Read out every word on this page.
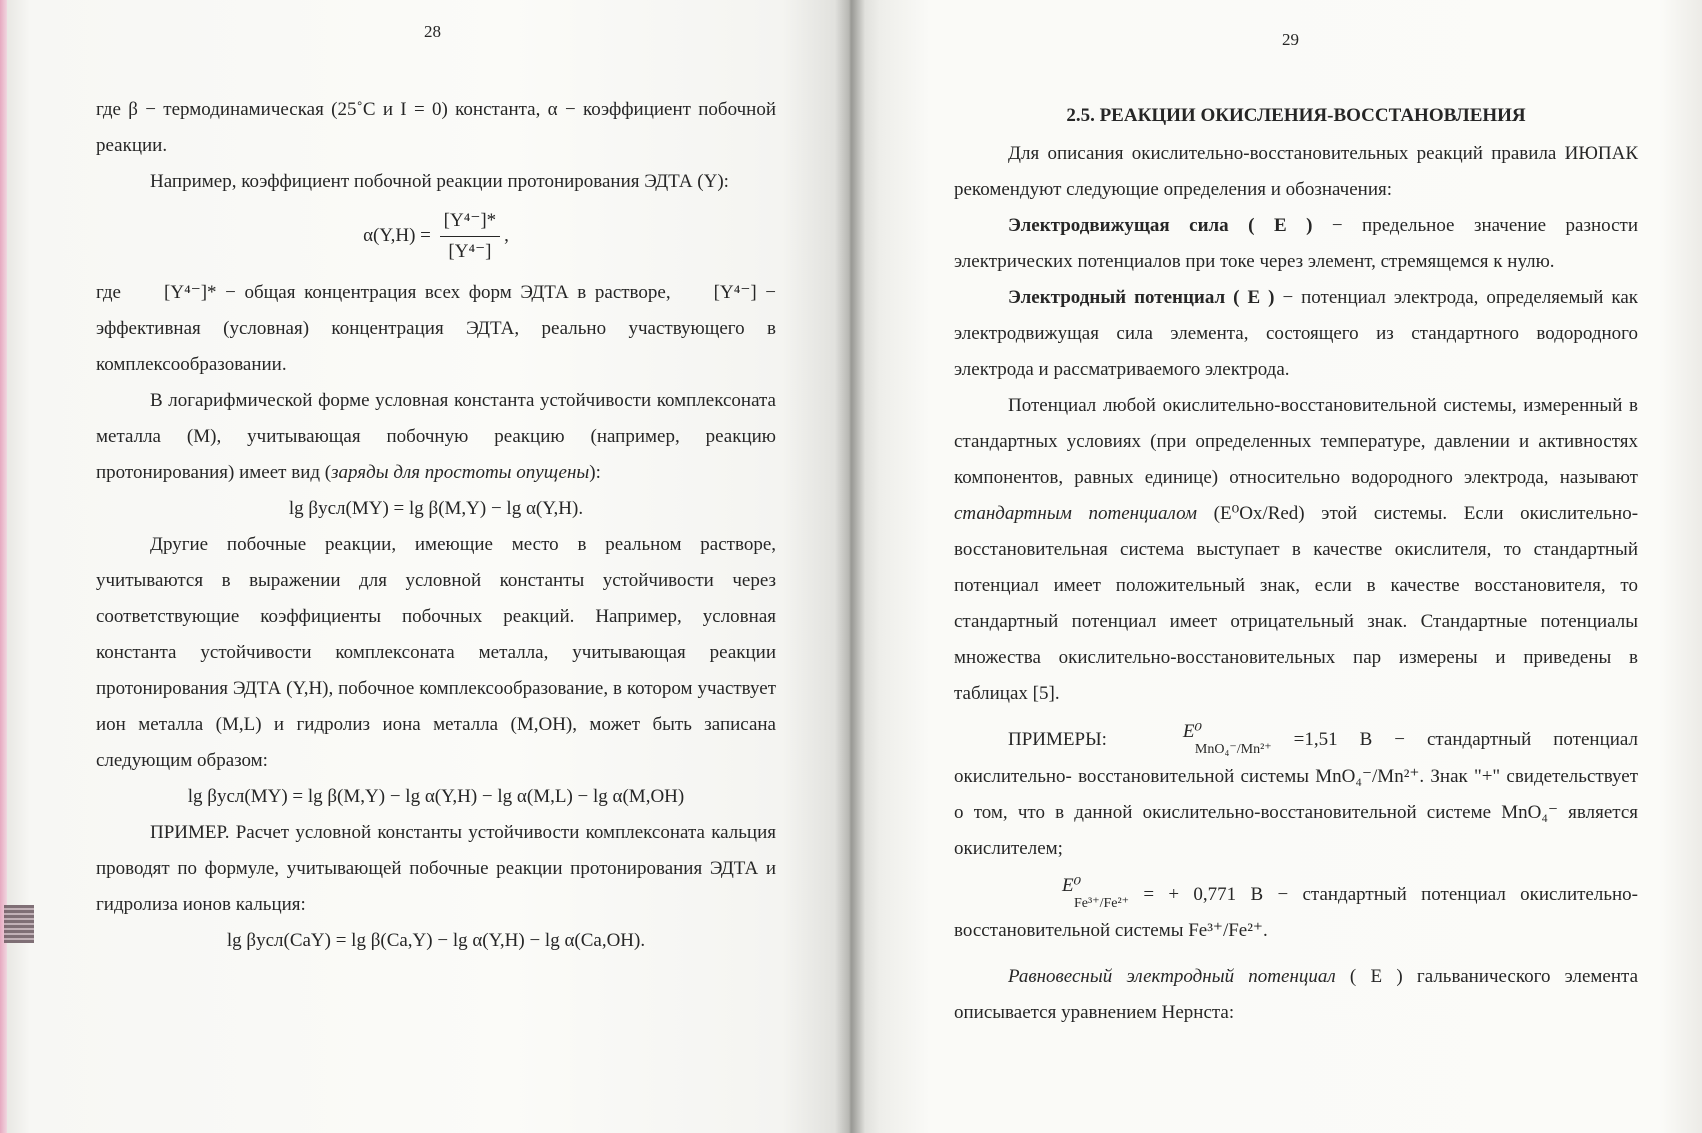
28

где β − термодинамическая (25˚C и I = 0) константа, α − коэффициент побочной реакции.

Например, коэффициент побочной реакции протонирования ЭДТА (Y):

$\alpha(Y,H) = \frac{\text{[Y⁴⁻]*}}{\text{[Y⁴⁻]}}$ ,

где [Y⁴⁻]* − общая концентрация всех форм ЭДТА в растворе, [Y⁴⁻] − эффективная (условная) концентрация ЭДТА, реально участвующего в комплексообразовании.

В логарифмической форме условная константа устойчивости комплексоната металла (М), учитывающая побочную реакцию (например, реакцию протонирования) имеет вид (заряды для простоты опущены):

lg βусл(MY) = lg β(M,Y) − lg α(Y,H).

Другие побочные реакции, имеющие место в реальном растворе, учитываются в выражении для условной константы устойчивости через соответствующие коэффициенты побочных реакций. Например, условная константа устойчивости комплексоната металла, учитывающая реакции протонирования ЭДТА (Y,H), побочное комплексообразование, в котором участвует ион металла (M,L) и гидролиз иона металла (M,OH), может быть записана следующим образом:

lg βусл(MY) = lg β(M,Y) − lg α(Y,H) − lg α(M,L) − lg α(M,OH)

ПРИМЕР. Расчет условной константы устойчивости комплексоната кальция проводят по формуле, учитывающей побочные реакции протонирования ЭДТА и гидролиза ионов кальция:

lg βусл(CaY) = lg β(Ca,Y) − lg α(Y,H) − lg α(Ca,OH).

29

2.5. РЕАКЦИИ ОКИСЛЕНИЯ-ВОССТАНОВЛЕНИЯ

Для описания окислительно-восстановительных реакций правила ИЮПАК рекомендуют следующие определения и обозначения:

Электродвижущая сила ( E ) − предельное значение разности электрических потенциалов при токе через элемент, стремящемся к нулю.

Электродный потенциал ( E ) − потенциал электрода, определяемый как электродвижущая сила элемента, состоящего из стандартного водородного электрода и рассматриваемого электрода.

Потенциал любой окислительно-восстановительной системы, измеренный в стандартных условиях (при определенных температуре, давлении и активностях компонентов, равных единице) относительно водородного электрода, называют стандартным потенциалом (E⁰Ox/Red) этой системы. Если окислительно-восстановительная система выступает в качестве окислителя, то стандартный потенциал имеет положительный знак, если в качестве восстановителя, то стандартный потенциал имеет отрицательный знак. Стандартные потенциалы множества окислительно-восстановительных пар измерены и приведены в таблицах [5].

ПРИМЕРЫ:	E⁰
MnO₄⁻/Mn²⁺ =1,51 В − стандартный потенциал окислительно- восстановительной системы MnO₄⁻/Mn²⁺. Знак "+" свидетельствует о том, что в данной окислительно-восстановительной системе MnO₄⁻ является окислителем;

E⁰
Fe³⁺/Fe²⁺ = + 0,771 В − стандартный потенциал окислительно-восстановительной системы Fe³⁺/Fe²⁺.

Равновесный электродный потенциал ( E ) гальванического элемента описывается уравнением Нернста:
